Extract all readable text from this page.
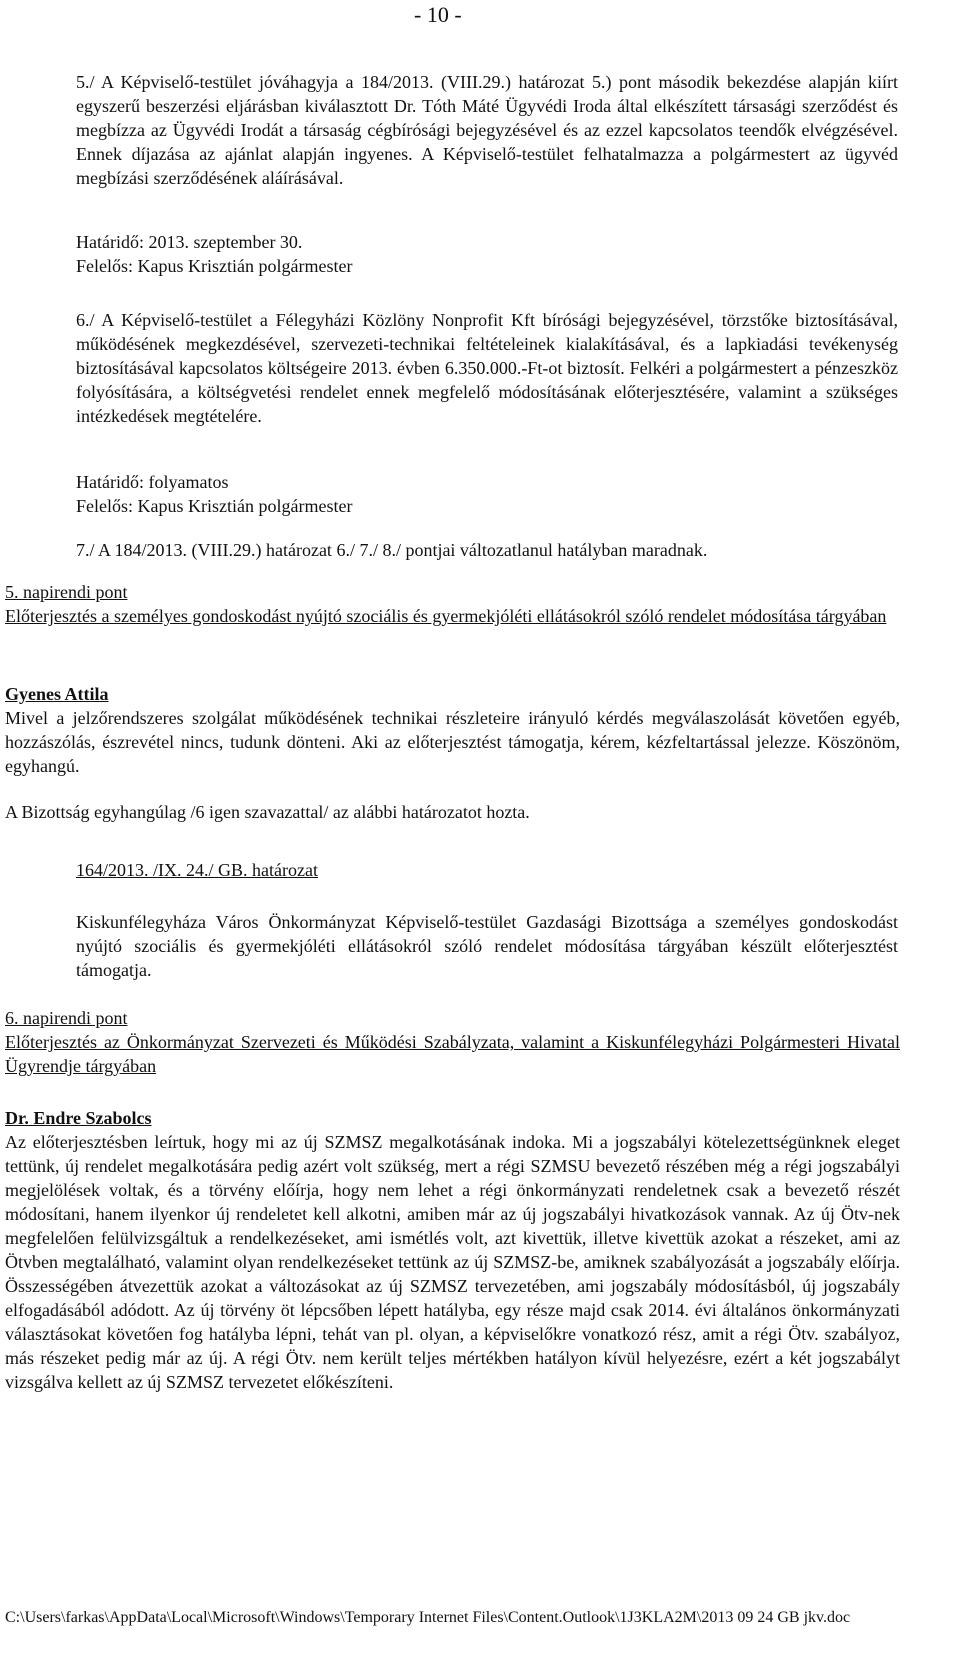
- 10 -

5./ A Képviselő-testület jóváhagyja a 184/2013. (VIII.29.) határozat 5.) pont második bekezdése alapján kiírt egyszerű beszerzési eljárásban kiválasztott Dr. Tóth Máté Ügyvédi Iroda által elkészített társasági szerződést és megbízza az Ügyvédi Irodát a társaság cégbírósági bejegyzésével és az ezzel kapcsolatos teendők elvégzésével. Ennek díjazása az ajánlat alapján ingyenes. A Képviselő-testület felhatalmazza a polgármestert az ügyvéd megbízási szerződésének aláírásával.

Határidő: 2013. szeptember 30.

Felelős: Kapus Krisztián polgármester

6./ A Képviselő-testület a Félegyházi Közlöny Nonprofit Kft bírósági bejegyzésével, törzstőke biztosításával, működésének megkezdésével, szervezeti-technikai feltételeinek kialakításával, és a lapkiadási tevékenység biztosításával kapcsolatos költségeire 2013. évben 6.350.000.-Ft-ot biztosít. Felkéri a polgármestert a pénzeszköz folyósítására, a költségvetési rendelet ennek megfelelő módosításának előterjesztésére, valamint a szükséges intézkedések megtételére.

Határidő: folyamatos

Felelős: Kapus Krisztián polgármester

7./ A 184/2013. (VIII.29.) határozat 6./ 7./ 8./ pontjai változatlanul hatályban maradnak.

5. napirendi pont

Előterjesztés a személyes gondoskodást nyújtó szociális és gyermekjóléti ellátásokról szóló rendelet módosítása tárgyában

Gyenes Attila

Mivel a jelzőrendszeres szolgálat működésének technikai részleteire irányuló kérdés megválaszolását követően egyéb, hozzászólás, észrevétel nincs, tudunk dönteni. Aki az előterjesztést támogatja, kérem, kézfeltartással jelezze. Köszönöm, egyhangú.

A Bizottság egyhangúlag /6 igen szavazattal/ az alábbi határozatot hozta.

164/2013. /IX. 24./ GB. határozat

Kiskunfélegyháza Város Önkormányzat Képviselő-testület Gazdasági Bizottsága a személyes gondoskodást nyújtó szociális és gyermekjóléti ellátásokról szóló rendelet módosítása tárgyában készült előterjesztést támogatja.

6. napirendi pont

Előterjesztés az Önkormányzat Szervezeti és Működési Szabályzata, valamint a Kiskunfélegyházi Polgármesteri Hivatal Ügyrendje tárgyában

Dr. Endre Szabolcs

Az előterjesztésben leírtuk, hogy mi az új SZMSZ megalkotásának indoka. Mi a jogszabályi kötelezettségünknek eleget tettünk, új rendelet megalkotására pedig azért volt szükség, mert a régi SZMSU bevezető részében még a régi jogszabályi megjelölések voltak, és a törvény előírja, hogy nem lehet a régi önkormányzati rendeletnek csak a bevezető részét módosítani, hanem ilyenkor új rendeletet kell alkotni, amiben már az új jogszabályi hivatkozások vannak. Az új Ötv-nek megfelelően felülvizsgáltuk a rendelkezéseket, ami ismétlés volt, azt kivettük, illetve kivettük azokat a részeket, ami az Ötvben megtalálható, valamint olyan rendelkezéseket tettünk az új SZMSZ-be, amiknek szabályozását a jogszabály előírja. Összességében átvezettük azokat a változásokat az új SZMSZ tervezetében, ami jogszabály módosításból, új jogszabály elfogadásából adódott. Az új törvény öt lépcsőben lépett hatályba, egy része majd csak 2014. évi általános önkormányzati választásokat követően fog hatályba lépni, tehát van pl. olyan, a képviselőkre vonatkozó rész, amit a régi Ötv. szabályoz, más részeket pedig már az új. A régi Ötv. nem került teljes mértékben hatályon kívül helyezésre, ezért a két jogszabályt vizsgálva kellett az új SZMSZ tervezetet előkészíteni.

C:\Users\farkas\AppData\Local\Microsoft\Windows\Temporary Internet Files\Content.Outlook\1J3KLA2M\2013 09 24 GB jkv.doc
